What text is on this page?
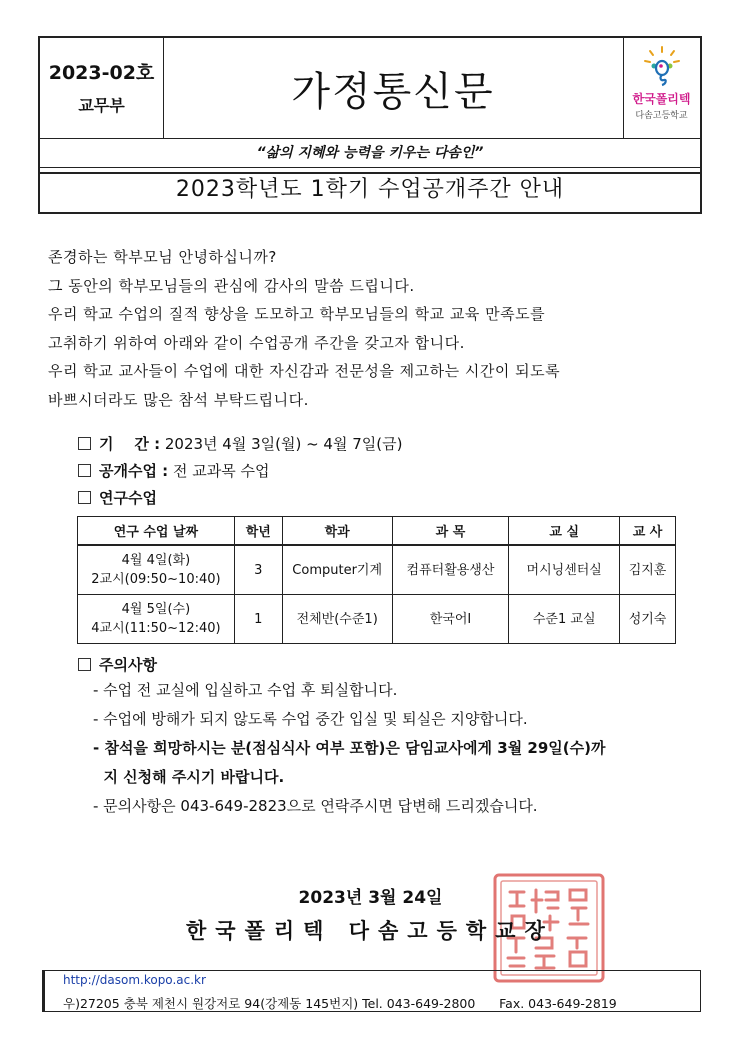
2023-02호
교무부	가정통신문	한국폴리텍
다솜고등학교
“삶의 지혜와 능력을 키우는 다솜인”
2023학년도 1학기 수업공개주간 안내
존경하는 학부모님 안녕하십니까?
그 동안의 학부모님들의 관심에 감사의 말씀 드립니다.
우리 학교 수업의 질적 향상을 도모하고 학부모님들의 학교 교육 만족도를
고취하기 위하여 아래와 같이 수업공개 주간을 갖고자 합니다.
우리 학교 교사들이 수업에 대한 자신감과 전문성을 제고하는 시간이 되도록
바쁘시더라도 많은 참석 부탁드립니다.
기    간 : 2023년 4월 3일(월) ~ 4월 7일(금)
공개수업 : 전 교과목 수업
연구수업
연구 수업 날짜	학년	학과	과 목	교 실	교 사

4월 4일(화)
2교시(09:50~10:40)	3	Computer기계	컴퓨터활용생산	머시닝센터실	김지훈

4월 5일(수)
4교시(11:50~12:40)	1	전체반(수준1)	한국어Ⅰ	수준1 교실	성기숙
주의사항
- 수업 전 교실에 입실하고 수업 후 퇴실합니다.
- 수업에 방해가 되지 않도록 수업 중간 입실 및 퇴실은 지양합니다.
- 참석을 희망하시는 분(점심식사 여부 포함)은 담임교사에게 3월 29일(수)까
지 신청해 주시기 바랍니다.
- 문의사항은 043-649-2823으로 연락주시면 답변해 드리겠습니다.
2023년 3월 24일
한국폴리텍 다솜고등학교장
http://dasom.kopo.ac.kr
우)27205 충북 제천시 원강저로 94(강제동 145번지) Tel. 043-649-2800      Fax. 043-649-2819
